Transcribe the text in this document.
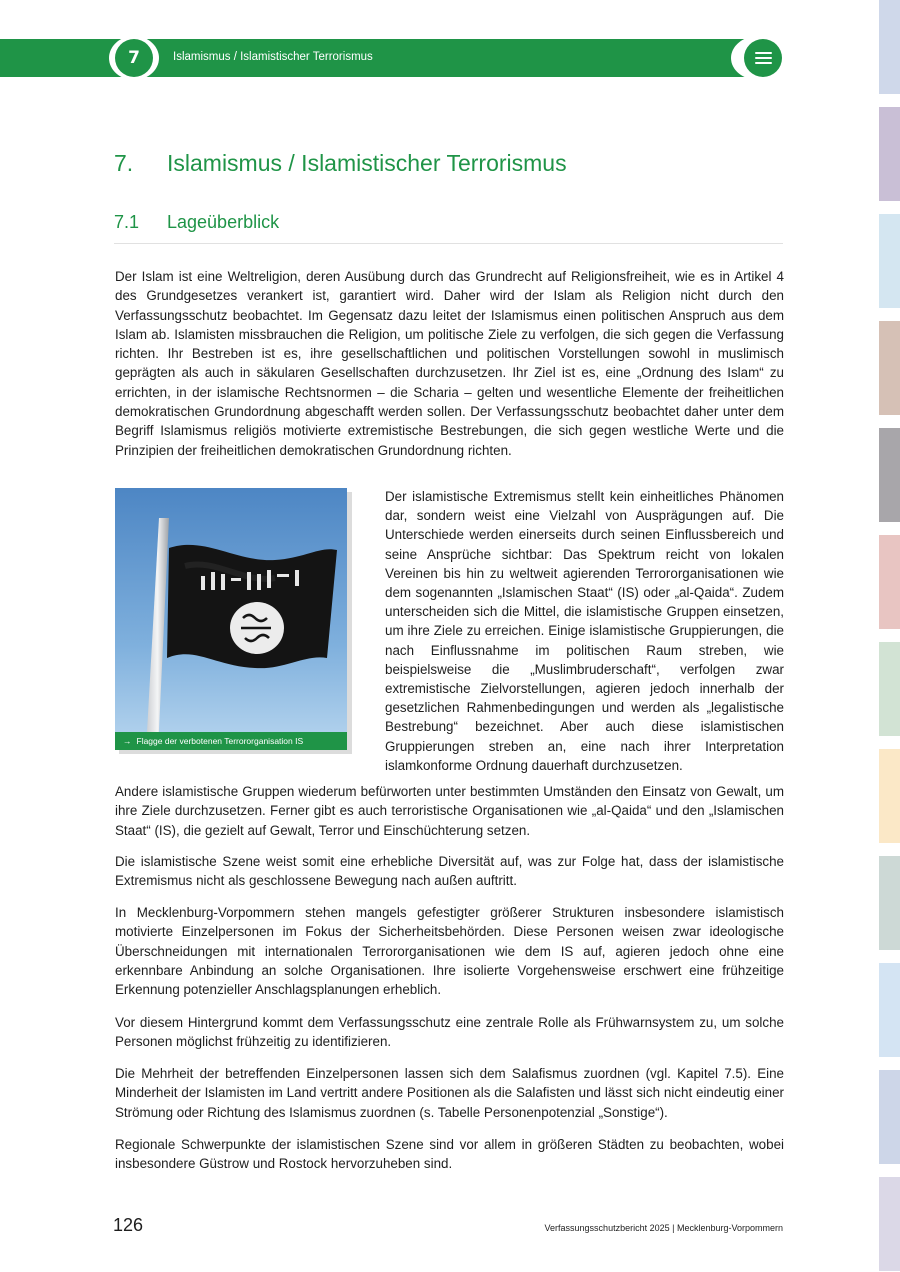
7	Islamismus / Islamistischer Terrorismus
7. Islamismus / Islamistischer Terrorismus
7.1 Lageüberblick

Der Islam ist eine Weltreligion, deren Ausübung durch das Grundrecht auf Religionsfreiheit, wie es in Artikel 4 des Grundgesetzes verankert ist, garantiert wird. Daher wird der Islam als Religion nicht durch den Verfassungsschutz beobachtet. Im Gegensatz dazu leitet der Islamismus einen politischen Anspruch aus dem Islam ab. Islamisten missbrauchen die Religion, um politische Ziele zu verfolgen, die sich gegen die Verfassung richten. Ihr Bestreben ist es, ihre gesellschaftlichen und politischen Vorstellungen sowohl in muslimisch geprägten als auch in säkularen Gesellschaften durchzusetzen. Ihr Ziel ist es, eine „Ordnung des Islam“ zu errichten, in der islamische Rechtsnormen – die Scharia – gelten und wesentliche Elemente der freiheitlichen demokratischen Grundordnung abgeschafft werden sollen. Der Verfassungsschutz beobachtet daher unter dem Begriff Islamismus religiös motivierte extremistische Bestrebungen, die sich gegen westliche Werte und die Prinzipien der freiheitlichen demokratischen Grundordnung richten.

→ Flagge der verbotenen Terrororganisation IS

Der islamistische Extremismus stellt kein einheitliches Phänomen dar, sondern weist eine Vielzahl von Ausprägungen auf. Die Unterschiede werden einerseits durch seinen Einflussbereich und seine Ansprüche sichtbar: Das Spektrum reicht von lokalen Vereinen bis hin zu weltweit agierenden Terrororganisationen wie dem sogenannten „Islamischen Staat“ (IS) oder „al-Qaida“. Zudem unterscheiden sich die Mittel, die islamistische Gruppen einsetzen, um ihre Ziele zu erreichen. Einige islamistische Gruppierungen, die nach Einflussnahme im politischen Raum streben, wie beispielsweise die „Muslimbruderschaft“, verfolgen zwar extremistische Zielvorstellungen, agieren jedoch innerhalb der gesetzlichen Rahmenbedingungen und werden als „legalistische Bestrebung“ bezeichnet. Aber auch diese islamistischen Gruppierungen streben an, eine nach ihrer Interpretation islamkonforme Ordnung dauerhaft durchzusetzen.

Andere islamistische Gruppen wiederum befürworten unter bestimmten Umständen den Einsatz von Gewalt, um ihre Ziele durchzusetzen. Ferner gibt es auch terroristische Organisationen wie „al-Qaida“ und den „Islamischen Staat“ (IS), die gezielt auf Gewalt, Terror und Einschüchterung setzen.

Die islamistische Szene weist somit eine erhebliche Diversität auf, was zur Folge hat, dass der islamistische Extremismus nicht als geschlossene Bewegung nach außen auftritt.

In Mecklenburg-Vorpommern stehen mangels gefestigter größerer Strukturen insbesondere islamistisch motivierte Einzelpersonen im Fokus der Sicherheitsbehörden. Diese Personen weisen zwar ideologische Überschneidungen mit internationalen Terrororganisationen wie dem IS auf, agieren jedoch ohne eine erkennbare Anbindung an solche Organisationen. Ihre isolierte Vorgehensweise erschwert eine frühzeitige Erkennung potenzieller Anschlagsplanungen erheblich.

Vor diesem Hintergrund kommt dem Verfassungsschutz eine zentrale Rolle als Frühwarnsystem zu, um solche Personen möglichst frühzeitig zu identifizieren.

Die Mehrheit der betreffenden Einzelpersonen lassen sich dem Salafismus zuordnen (vgl. Kapitel 7.5). Eine Minderheit der Islamisten im Land vertritt andere Positionen als die Salafisten und lässt sich nicht eindeutig einer Strömung oder Richtung des Islamismus zuordnen (s. Tabelle Personenpotenzial „Sonstige“).

Regionale Schwerpunkte der islamistischen Szene sind vor allem in größeren Städten zu beobachten, wobei insbesondere Güstrow und Rostock hervorzuheben sind.

126	Verfassungsschutzbericht 2025 | Mecklenburg-Vorpommern
